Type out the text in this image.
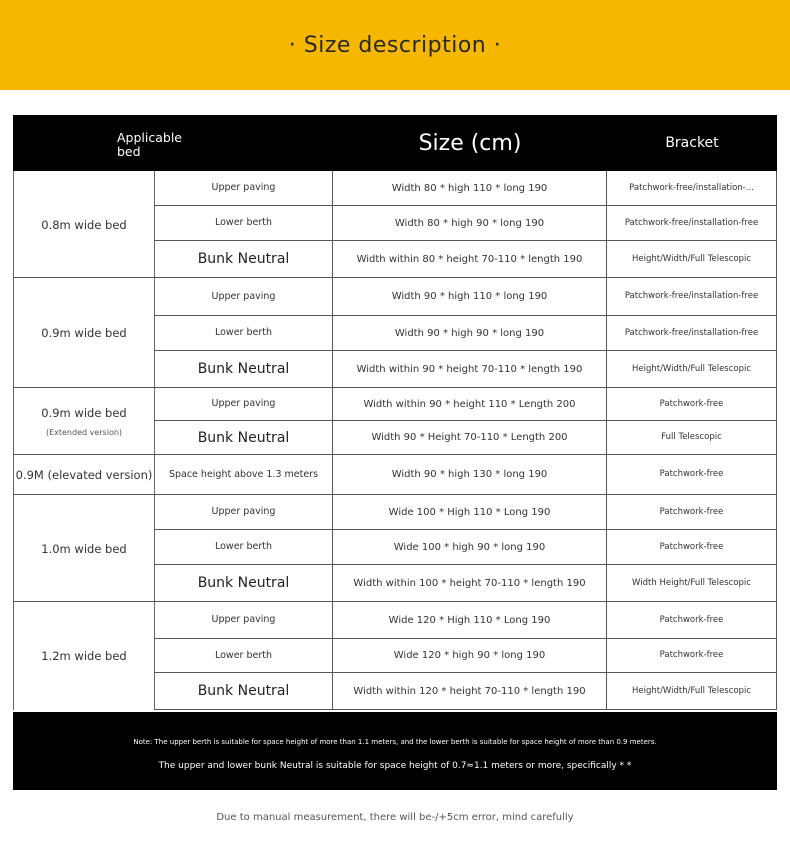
· Size description ·
Applicable bed	Size (cm)	Bracket
0.8m wide bed
Upper paving	Width 80 * high 110 * long 190	Patchwork-free/installation-...
Lower berth	Width 80 * high 90 * long 190	Patchwork-free/installation-free
Bunk Neutral	Width within 80 * height 70-110 * length 190	Height/Width/Full Telescopic
0.9m wide bed
Upper paving	Width 90 * high 110 * long 190	Patchwork-free/installation-free
Lower berth	Width 90 * high 90 * long 190	Patchwork-free/installation-free
Bunk Neutral	Width within 90 * height 70-110 * length 190	Height/Width/Full Telescopic
0.9m wide bed
(Extended version)
Upper paving	Width within 90 * height 110 * Length 200	Patchwork-free
Bunk Neutral	Width 90 * Height 70-110 * Length 200	Full Telescopic
0.9M (elevated version)	Space height above 1.3 meters	Width 90 * high 130 * long 190	Patchwork-free
1.0m wide bed
Upper paving	Wide 100 * High 110 * Long 190	Patchwork-free
Lower berth	Wide 100 * high 90 * long 190	Patchwork-free
Bunk Neutral	Width within 100 * height 70-110 * length 190	Width Height/Full Telescopic
1.2m wide bed
Upper paving	Wide 120 * High 110 * Long 190	Patchwork-free
Lower berth	Wide 120 * high 90 * long 190	Patchwork-free
Bunk Neutral	Width within 120 * height 70-110 * length 190	Height/Width/Full Telescopic
Note: The upper berth is suitable for space height of more than 1.1 meters, and the lower berth is suitable for space height of more than 0.9 meters.
The upper and lower bunk Neutral is suitable for space height of 0.7≈1.1 meters or more, specifically * *
Due to manual measurement, there will be-/+5cm error, mind carefully
